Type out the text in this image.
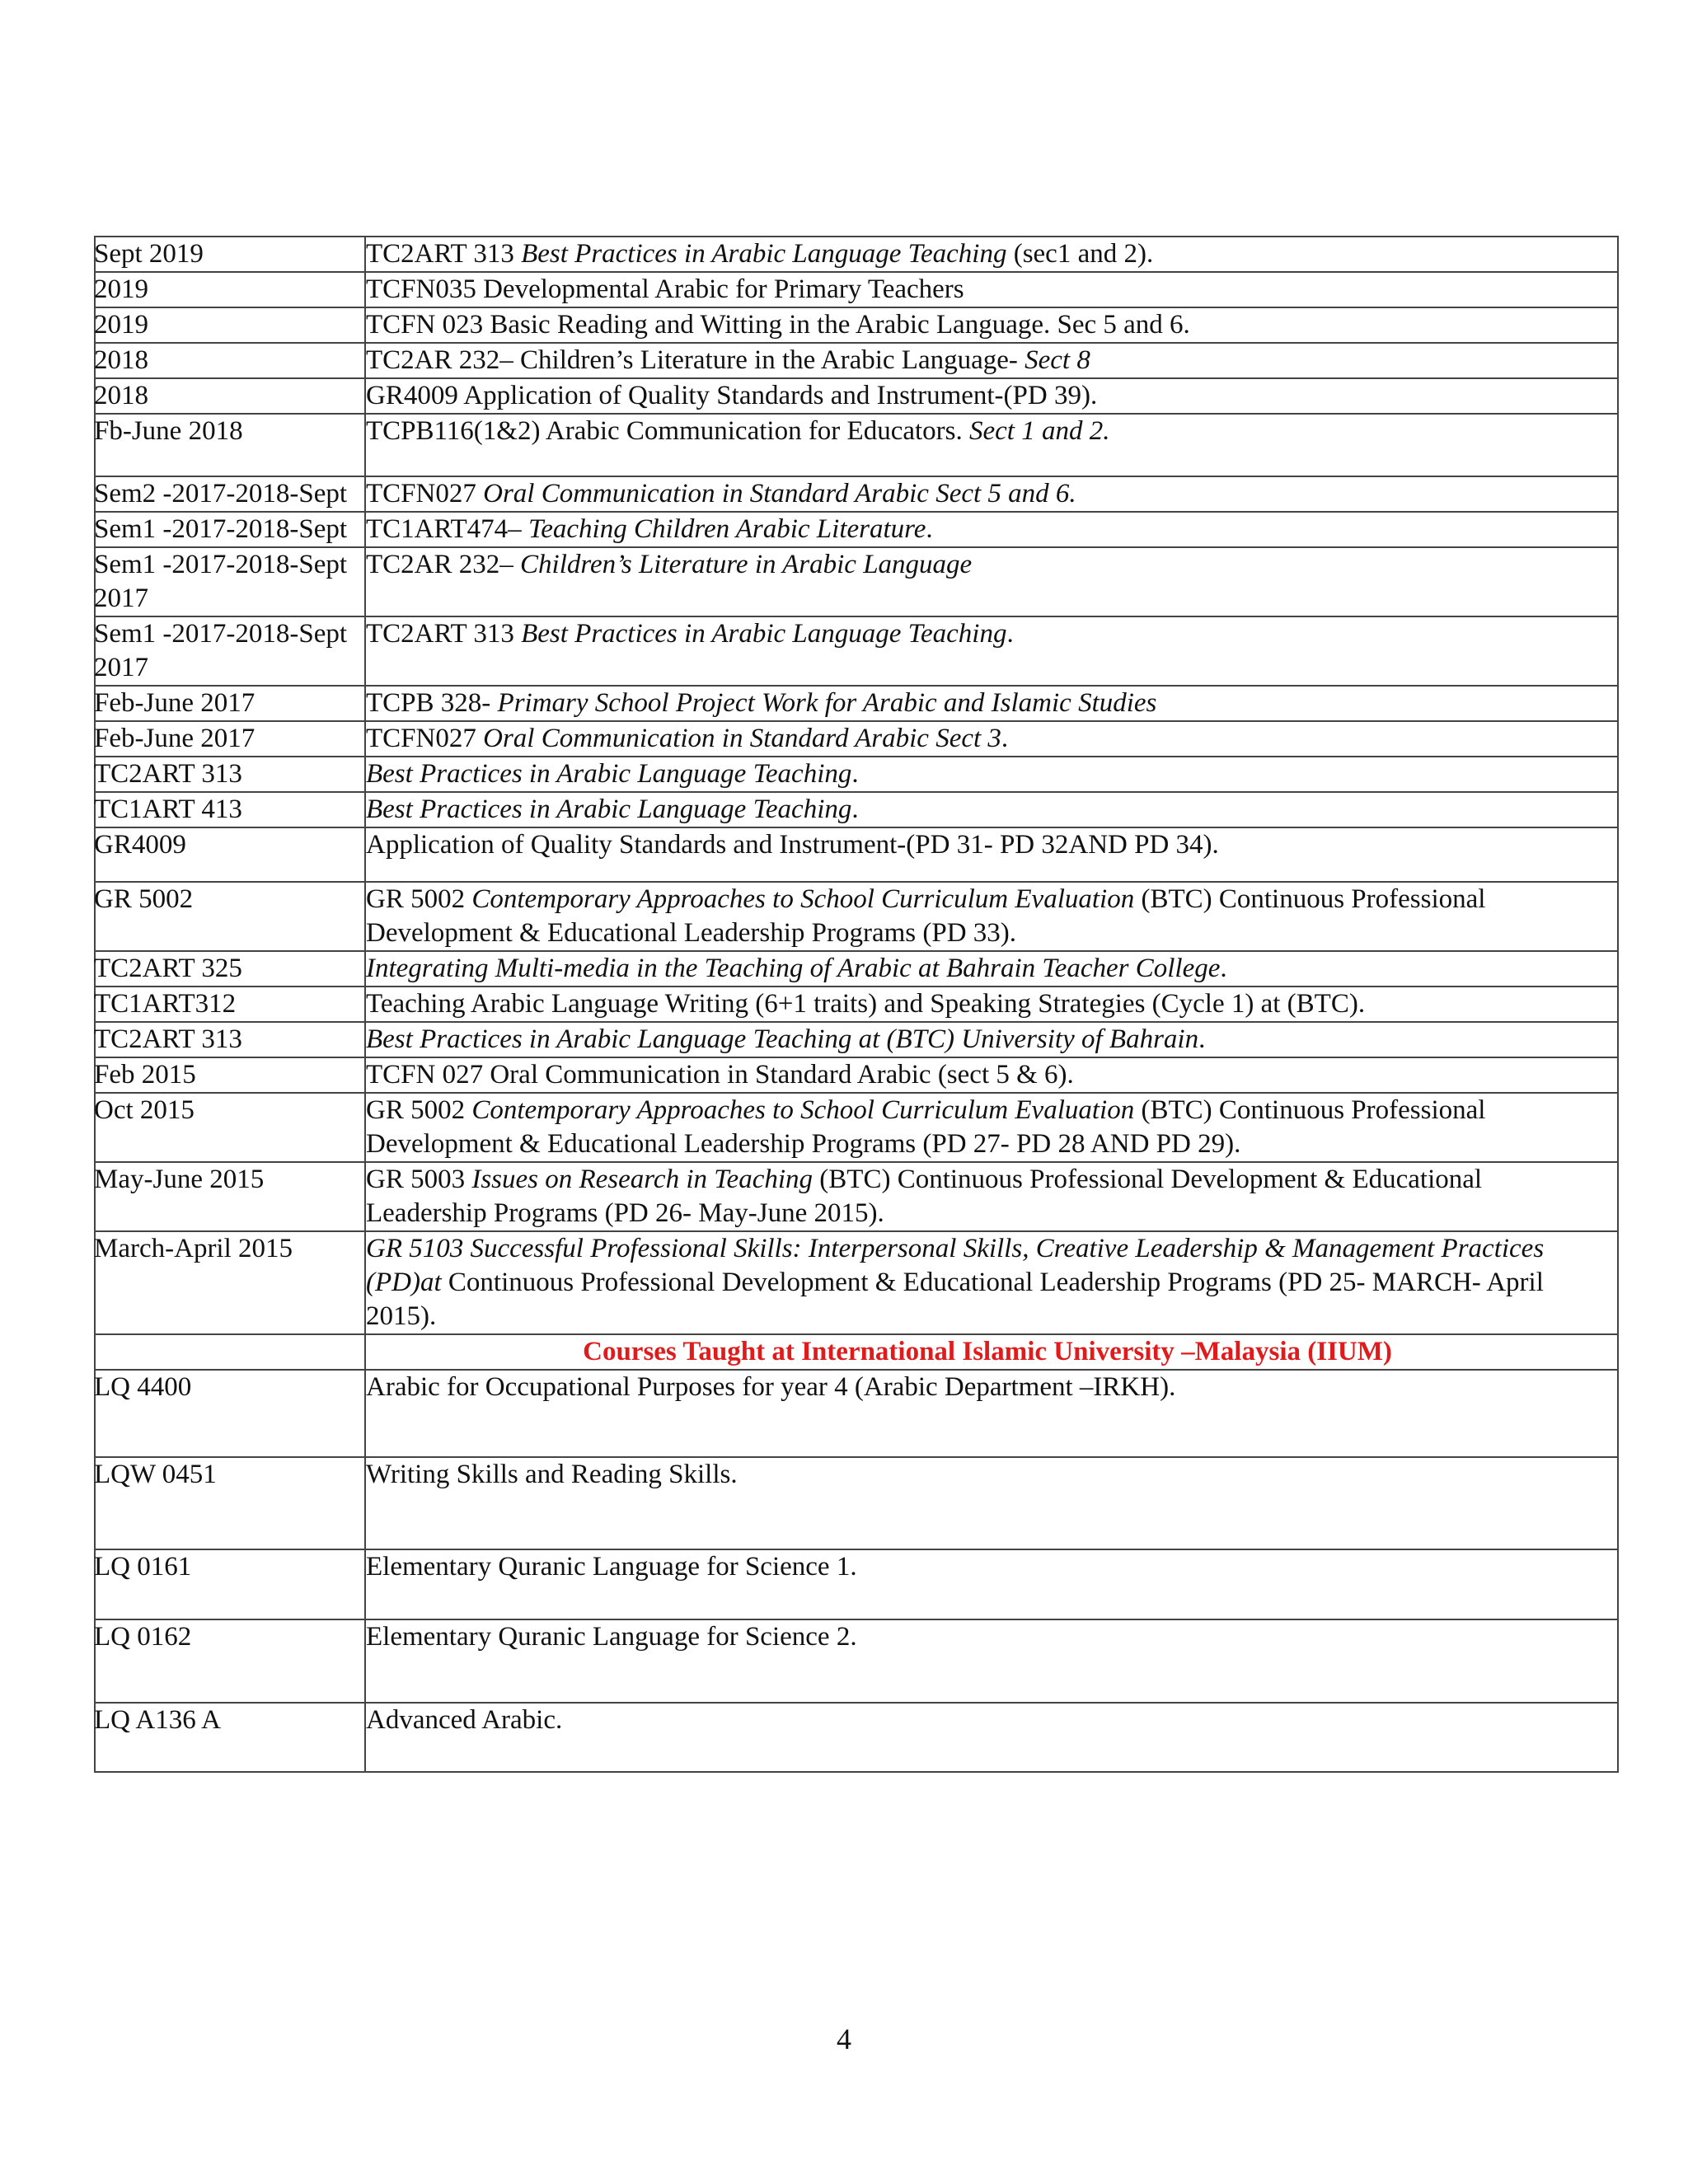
Sept 2019	TC2ART 313 Best Practices in Arabic Language Teaching (sec1 and 2).

2019	TCFN035 Developmental Arabic for Primary Teachers

2019	TCFN 023 Basic Reading and Witting in the Arabic Language. Sec 5 and 6.

2018	TC2AR 232– Children’s Literature in the Arabic Language- Sect 8

2018	GR4009 Application of Quality Standards and Instrument-(PD 39).

Fb-June 2018	TCPB116(1&2) Arabic Communication for Educators. Sect 1 and 2.

Sem2 -2017-2018-Sept	TCFN027 Oral Communication in Standard Arabic Sect 5 and 6.

Sem1 -2017-2018-Sept	TC1ART474– Teaching Children Arabic Literature.

Sem1 -2017-2018-Sept 2017	TC2AR 232– Children’s Literature in Arabic Language

Sem1 -2017-2018-Sept 2017	TC2ART 313 Best Practices in Arabic Language Teaching.

Feb-June 2017	TCPB 328- Primary School Project Work for Arabic and Islamic Studies

Feb-June 2017	TCFN027 Oral Communication in Standard Arabic Sect 3.

TC2ART 313	Best Practices in Arabic Language Teaching.

TC1ART 413	Best Practices in Arabic Language Teaching.

GR4009	Application of Quality Standards and Instrument-(PD 31- PD 32AND PD 34).

GR 5002	GR 5002 Contemporary Approaches to School Curriculum Evaluation (BTC) Continuous Professional Development & Educational Leadership Programs (PD 33).

TC2ART 325	Integrating Multi-media in the Teaching of Arabic at Bahrain Teacher College.

TC1ART312	Teaching Arabic Language Writing (6+1 traits) and Speaking Strategies (Cycle 1) at (BTC).

TC2ART 313	Best Practices in Arabic Language Teaching at (BTC) University of Bahrain.

Feb 2015	TCFN 027 Oral Communication in Standard Arabic (sect 5 & 6).

Oct 2015	GR 5002 Contemporary Approaches to School Curriculum Evaluation (BTC) Continuous Professional Development & Educational Leadership Programs (PD 27- PD 28 AND PD 29).

May-June 2015	GR 5003 Issues on Research in Teaching (BTC) Continuous Professional Development & Educational Leadership Programs (PD 26- May-June 2015).

March-April 2015	GR 5103 Successful Professional Skills: Interpersonal Skills, Creative Leadership & Management Practices (PD)at Continuous Professional Development & Educational Leadership Programs (PD 25- MARCH- April 2015).

	Courses Taught at International Islamic University –Malaysia (IIUM)

LQ 4400	Arabic for Occupational Purposes for year 4 (Arabic Department –IRKH).

LQW 0451	Writing Skills and Reading Skills.

LQ 0161	Elementary Quranic Language for Science 1.

LQ 0162	Elementary Quranic Language for Science 2.

LQ A136 A	Advanced Arabic.
4
